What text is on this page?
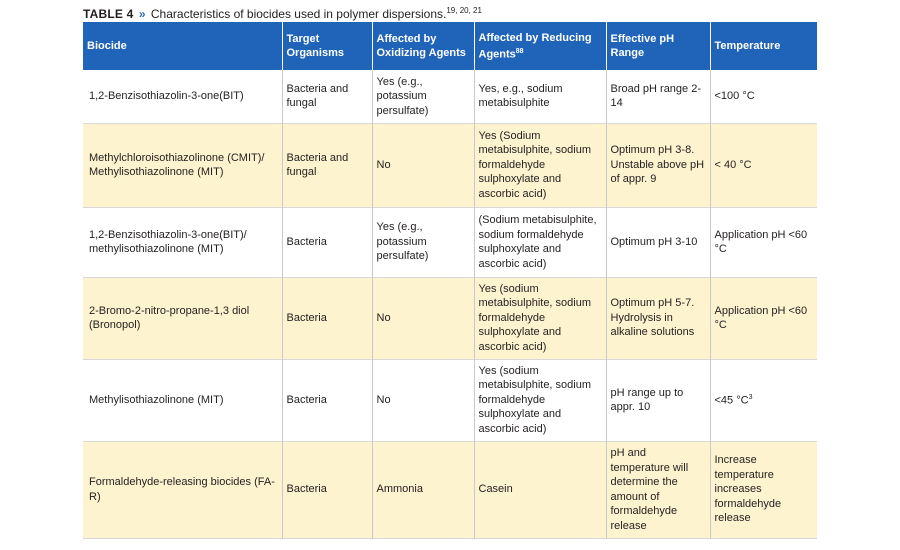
TABLE 4 » Characteristics of biocides used in polymer dispersions.$^{19, 20, 21}$
Biocide	Target Organisms	Affected by Oxidizing Agents	Affected by Reducing Agents$^{88}$	Effective pH Range	Temperature
1,2-Benzisothiazolin-3-one(BIT)	Bacteria and fungal	Yes (e.g., potassium persulfate)	Yes, e.g., sodium metabisulphite	Broad pH range 2-14	<100 °C
Methylchloroisothiazolinone (CMIT)/ Methylisothiazolinone (MIT)	Bacteria and fungal	No	Yes (Sodium metabisulphite, sodium formaldehyde sulphoxylate and ascorbic acid)	Optimum pH 3-8. Unstable above pH of appr. 9	< 40 °C
1,2-Benzisothiazolin-3-one(BIT)/ methylisothiazolinone (MIT)	Bacteria	Yes (e.g., potassium persulfate)	(Sodium metabisulphite, sodium formaldehyde sulphoxylate and ascorbic acid)	Optimum pH 3-10	Application pH <60 °C
2-Bromo-2-nitro-propane-1,3 diol (Bronopol)	Bacteria	No	Yes (sodium metabisulphite, sodium formaldehyde sulphoxylate and ascorbic acid)	Optimum pH 5-7. Hydrolysis in alkaline solutions	Application pH <60 °C
Methylisothiazolinone (MIT)	Bacteria	No	Yes (sodium metabisulphite, sodium formaldehyde sulphoxylate and ascorbic acid)	pH range up to appr. 10	<45 $^\circ C^3$
Formaldehyde-releasing biocides (FA-R)	Bacteria	Ammonia	Casein	pH and temperature will determine the amount of formaldehyde release	Increase temperature increases formaldehyde release
